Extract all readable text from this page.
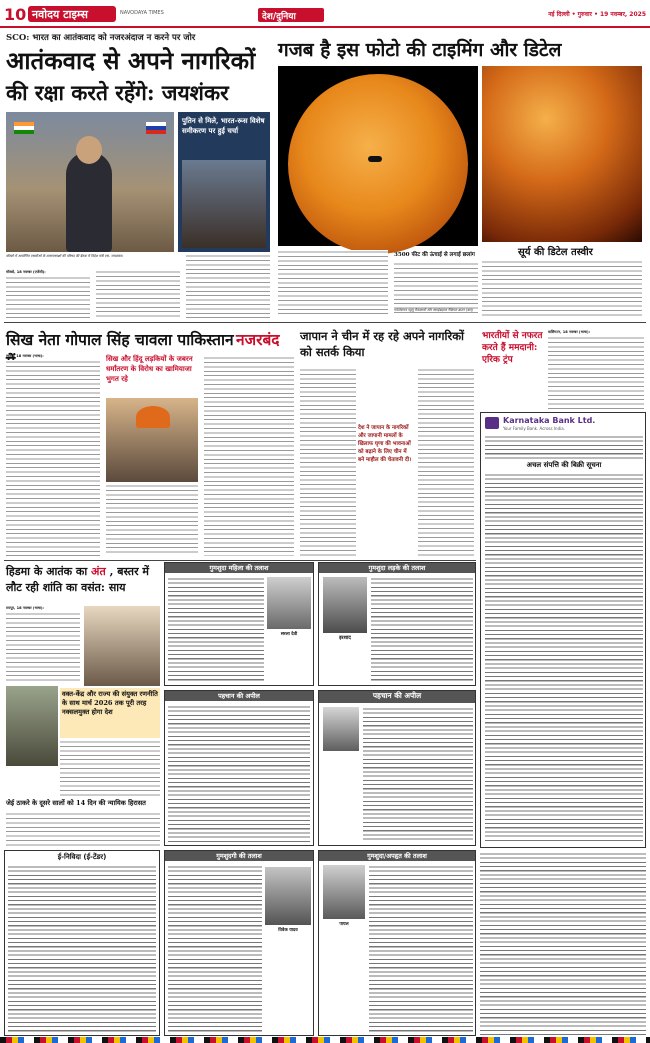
10 नवोदय टाइम्स	NAVODAYA TIMES	देश/दुनिया	नई दिल्ली • गुरुवार • 19 नवम्बर, 2025
SCO: भारत का आतंकवाद को नजरअंदाज न करने पर जोर
आतंकवाद से अपने नागरिकों
की रक्षा करते रहेंगे: जयशंकर
पुतिन से मिले, भारत-रूस विशेष समीकरण पर हुई चर्चा
मॉस्को में आयोजित एससीओ के शासनाध्यक्षों की परिषद की बैठक में विदेश मंत्री एस. जयशंकर।
मॉस्को, 18 नवम्बर (एजेंसी):
गजब है इस फोटो की टाइमिंग और डिटेल
सूर्य की डिटेल तस्वीर
3500 फीट की ऊंचाई से लगाई छलांग
फोटोग्राफर एंड्रयू मैककार्थी और स्काईडाइवर गैब्रियल ब्राउन (बाएं)
सिख नेता गोपाल सिंह चावला पाकिस्तान नजरबंद
लाहौर, 18 नवम्बर (भाषा):	सिख और हिंदू लड़कियों के जबरन धर्मांतरण के विरोध का खामियाजा भुगत रहे
जापान ने चीन में रह रहे अपने नागरिकों को सतर्क किया
देश ने जापान के नागरिकों और जापानी मामलों के खिलाफ घृणा की भावनाओं को बढ़ाने के लिए चीन में बने माहौल की चेतावनी दी।
भारतीयों से नफरत करते हैं ममदानी: एरिक ट्रंप
वाशिंगटन, 18 नवम्बर (भाषा):
Karnataka Bank Ltd.
Your Family Bank. Across India.
अचल संपत्ति की बिक्री सूचना
हिडमा के आतंक का अंत , बस्तर में लौट रही शांति का वसंत: साय
रायपुर, 18 नवम्बर (भाषा):
वक्त-केंद्र और राज्य की संयुक्त रणनीति के साथ मार्च 2026 तक पूरी तरह नक्सलमुक्त होगा देश
जेई ठाकरे के दूसरे सालों को 14 दिन की न्यायिक हिरासत
गुमशुदा महिला की तलाश
सरला देवी
गुमशुदा लड़के की तलाश
इरशाद
पहचान की अपील	पहचान की अपील
ई-निविदा (ई-टेंडर)	गुमशुदगी की तलाश
विवेक यादव
गुमशुदा/अपहृत की तलाश
पायल
